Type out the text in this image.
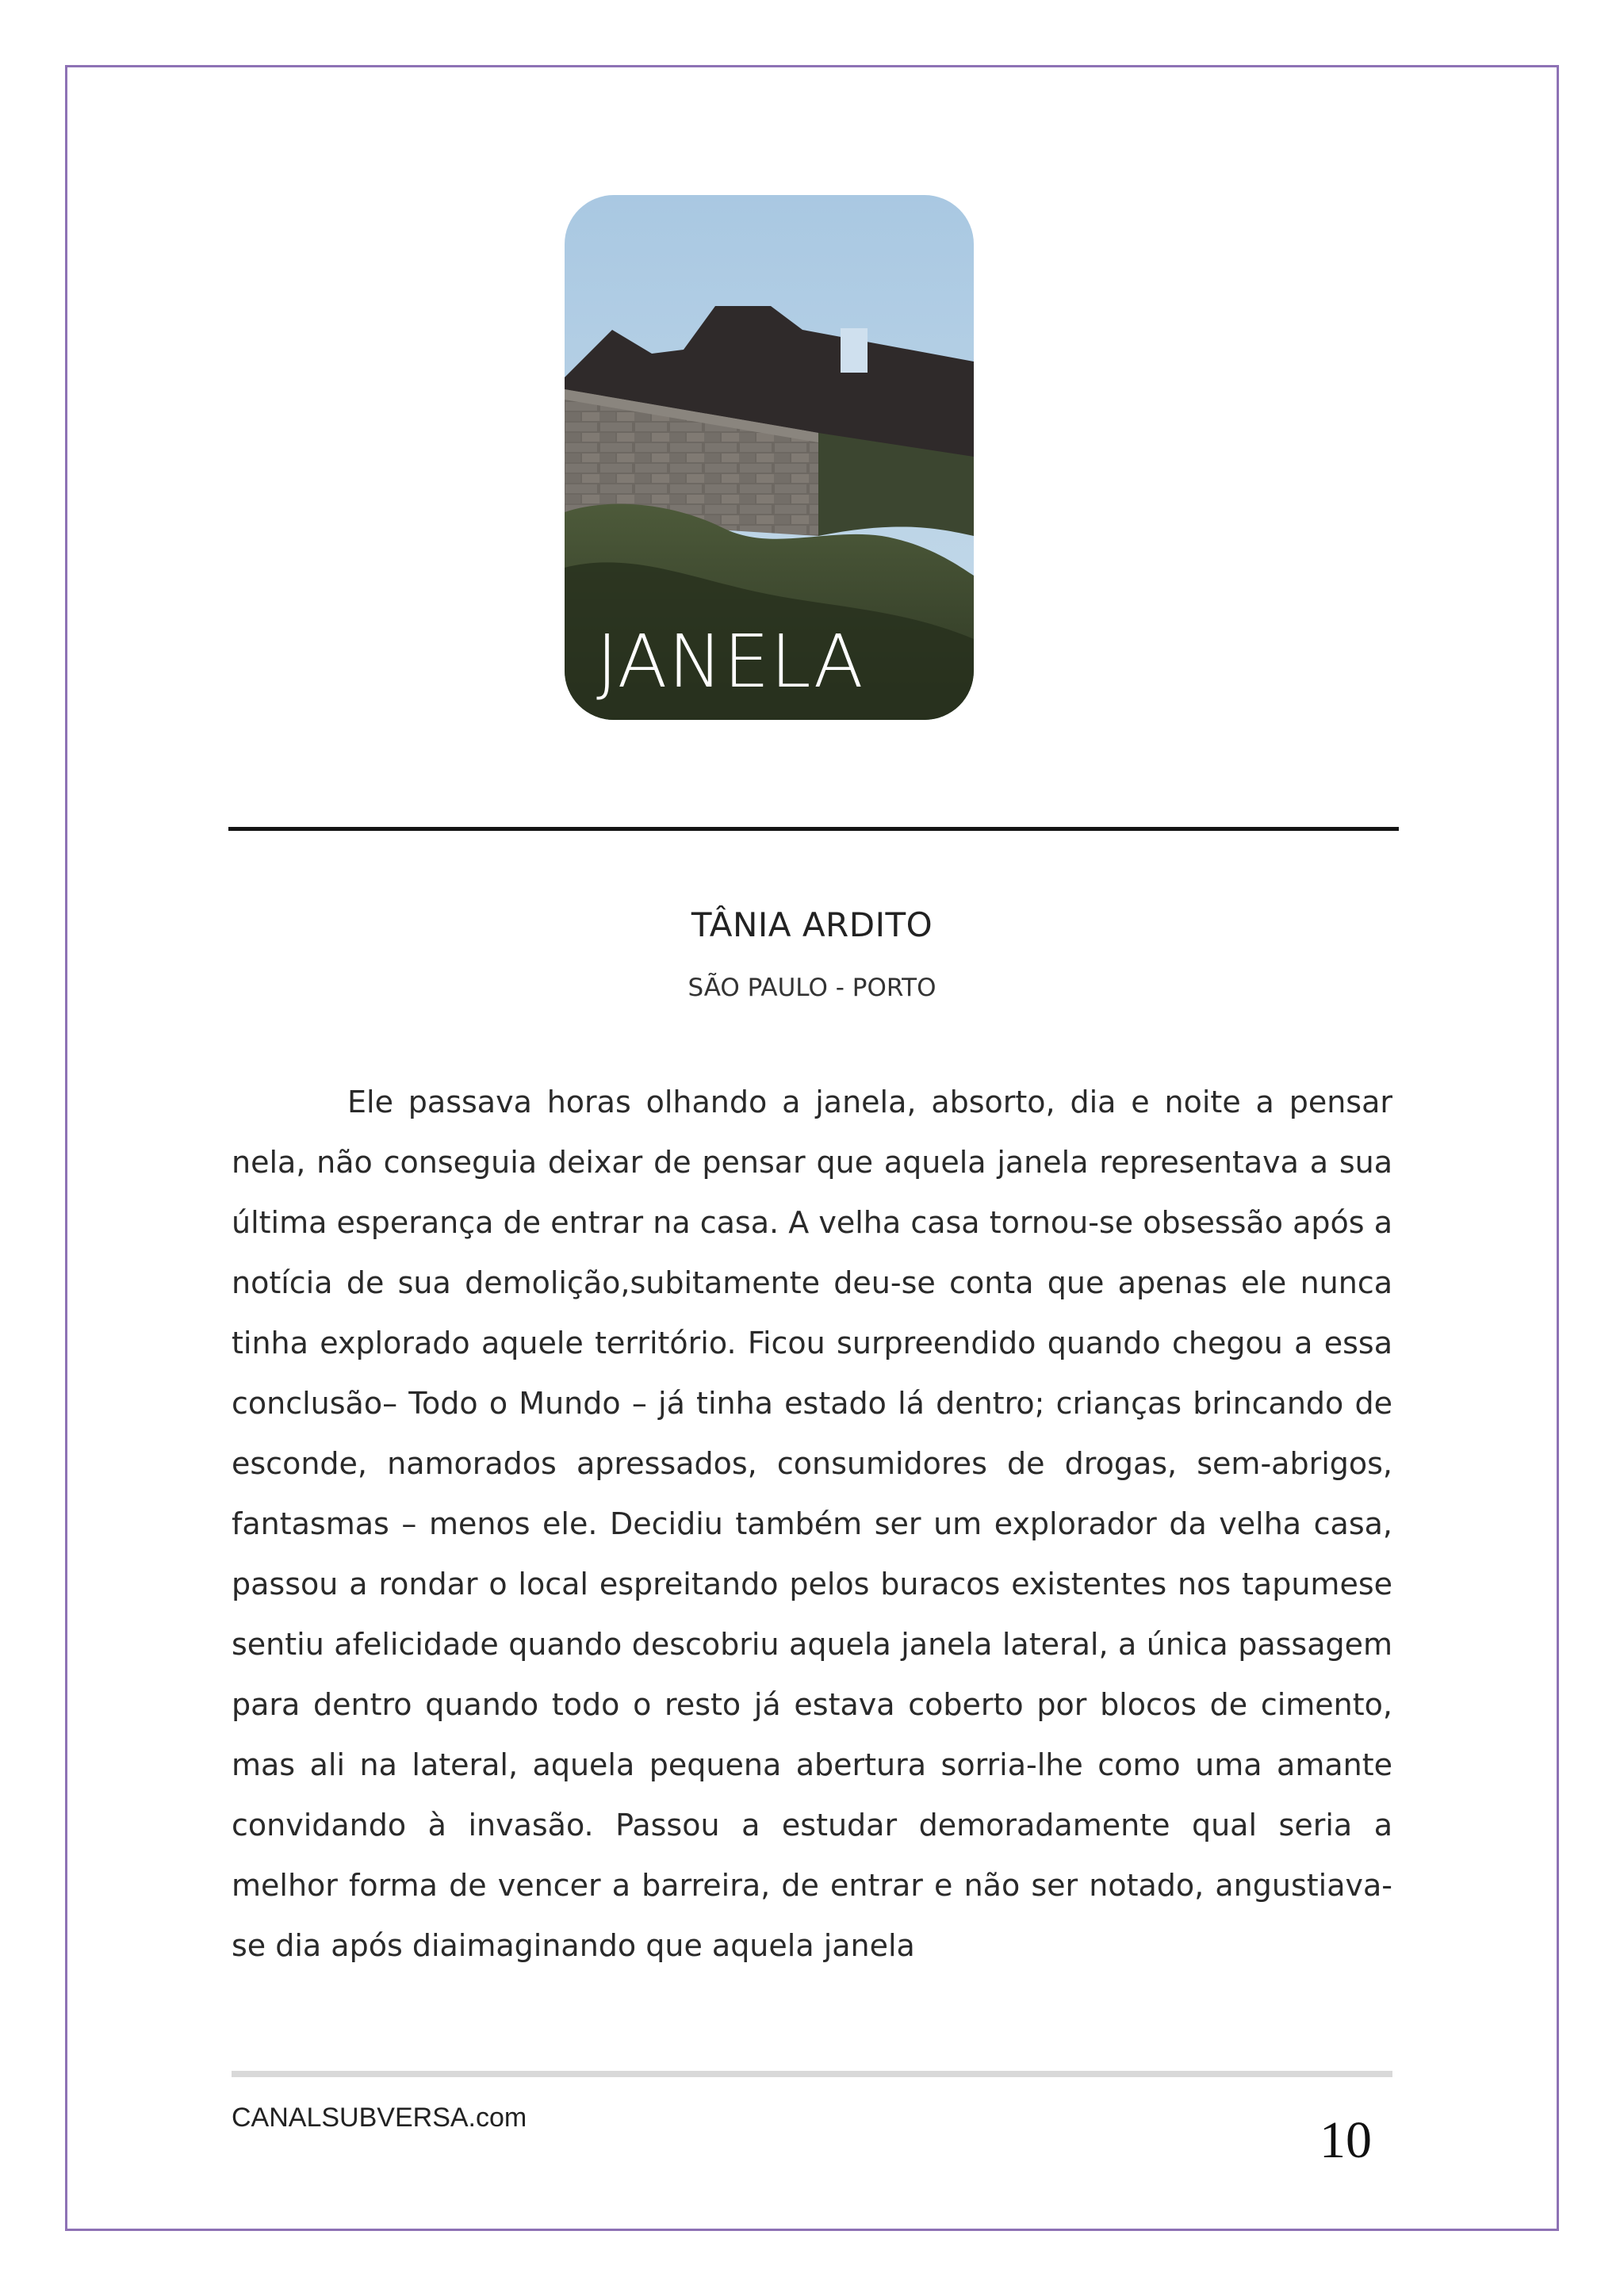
JANELA
TÂNIA ARDITO
SÃO PAULO - PORTO

Ele passava horas olhando a janela, absorto, dia e noite a pensar nela, não conseguia deixar de pensar que aquela janela representava a sua última esperança de entrar na casa. A velha casa tornou-se obsessão após a notícia de sua demolição,subitamente deu-se conta que apenas ele nunca tinha explorado aquele território. Ficou surpreendido quando chegou a essa conclusão– Todo o Mundo – já tinha estado lá dentro; crianças brincando de esconde, namorados apressados, consumidores de drogas, sem-abrigos, fantasmas – menos ele. Decidiu também ser um explorador da velha casa, passou a rondar o local espreitando pelos buracos existentes nos tapumese sentiu afelicidade quando descobriu aquela janela lateral, a única passagem para dentro quando todo o resto já estava coberto por blocos de cimento, mas ali na lateral, aquela pequena abertura sorria-lhe como uma amante convidando à invasão. Passou a estudar demoradamente qual seria a melhor forma de vencer a barreira, de entrar e não ser notado, angustiava-se dia após diaimaginando que aquela janela

CANALSUBVERSA.com	10
